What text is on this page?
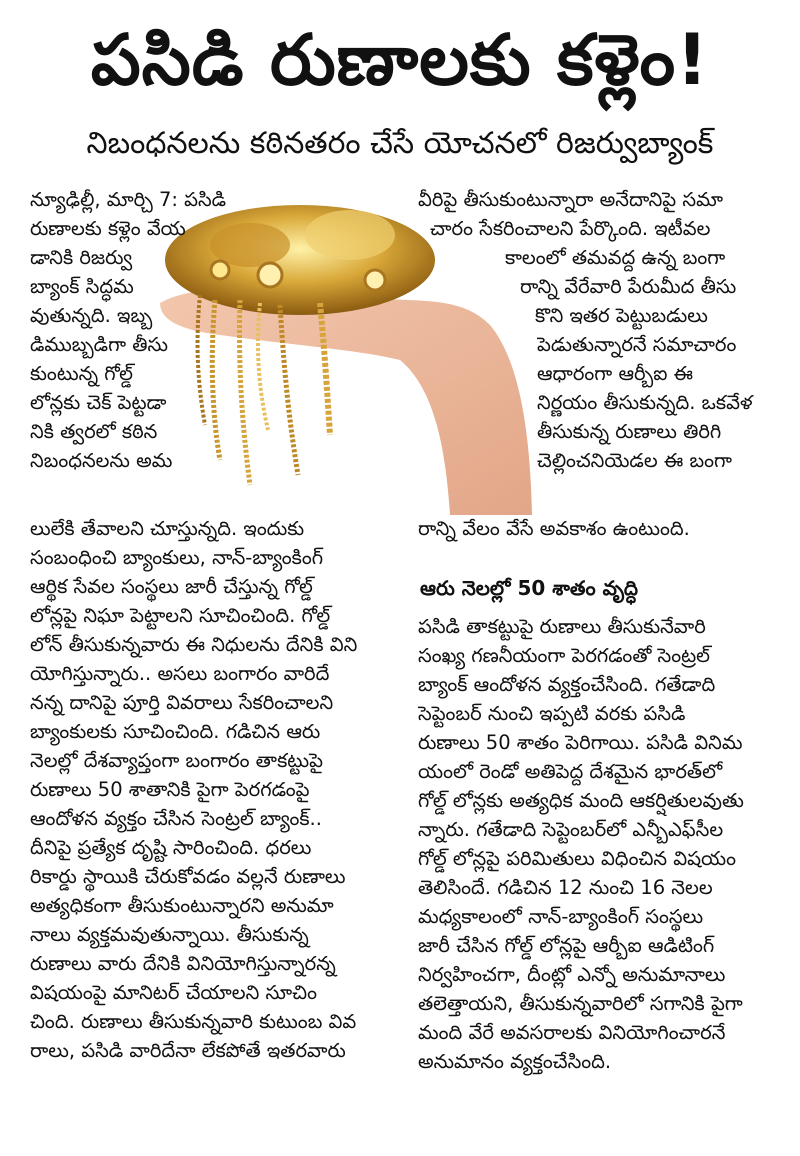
పసిడి రుణాలకు కళ్లెం!
నిబంధనలను కఠినతరం చేసే యోచనలో రిజర్వుబ్యాంక్
న్యూఢిల్లీ, మార్చి 7: పసిడి
రుణాలకు కళ్లెం వేయ
డానికి రిజర్వు
బ్యాంక్ సిద్ధమ
వుతున్నది. ఇబ్బ
డిముబ్బడిగా తీసు
కుంటున్న గోల్డ్
లోన్లకు చెక్ పెట్టడా
నికి త్వరలో కఠిన
నిబంధనలను అమ
లులేకి తేవాలని చూస్తున్నది. ఇందుకు
సంబంధించి బ్యాంకులు, నాన్-బ్యాంకింగ్
ఆర్థిక సేవల సంస్థలు జారీ చేస్తున్న గోల్డ్
లోన్లపై నిఘా పెట్టాలని సూచించింది. గోల్డ్
లోన్ తీసుకున్నవారు ఈ నిధులను దేనికి విని
యోగిస్తున్నారు.. అసలు బంగారం వారిదే
నన్న దానిపై పూర్తి వివరాలు సేకరించాలని
బ్యాంకులకు సూచించింది. గడిచిన ఆరు
నెలల్లో దేశవ్యాప్తంగా బంగారం తాకట్టుపై
రుణాలు 50 శాతానికి పైగా పెరగడంపై
ఆందోళన వ్యక్తం చేసిన సెంట్రల్ బ్యాంక్..
దీనిపై ప్రత్యేక దృష్టి సారించింది. ధరలు
రికార్డు స్థాయికి చేరుకోవడం వల్లనే రుణాలు
అత్యధికంగా తీసుకుంటున్నారని అనుమా
నాలు వ్యక్తమవుతున్నాయి. తీసుకున్న
రుణాలు వారు దేనికి వినియోగిస్తున్నారన్న
విషయంపై మానిటర్ చేయాలని సూచిం
చింది. రుణాలు తీసుకున్నవారి కుటుంబ వివ
రాలు, పసిడి వారిదేనా లేకపోతే ఇతరవారు
వీరిపై తీసుకుంటున్నారా అనేదానిపై సమా
చారం సేకరించాలని పేర్కొంది. ఇటీవల
కాలంలో తమవద్ద ఉన్న బంగా
రాన్ని వేరేవారి పేరుమీద తీసు
కొని ఇతర పెట్టుబడులు
పెడుతున్నారనే సమాచారం
ఆధారంగా ఆర్బీఐ ఈ
నిర్ణయం తీసుకున్నది. ఒకవేళ
తీసుకున్న రుణాలు తిరిగి
చెల్లించనియెడల ఈ బంగా
రాన్ని వేలం వేసే అవకాశం ఉంటుంది.
ఆరు నెలల్లో 50 శాతం వృద్ధి
పసిడి తాకట్టుపై రుణాలు తీసుకునేవారి
సంఖ్య గణనీయంగా పెరగడంతో సెంట్రల్
బ్యాంక్ ఆందోళన వ్యక్తంచేసింది. గతేడాది
సెప్టెంబర్ నుంచి ఇప్పటి వరకు పసిడి
రుణాలు 50 శాతం పెరిగాయి. పసిడి వినిమ
యంలో రెండో అతిపెద్ద దేశమైన భారత్‌లో
గోల్డ్ లోన్లకు అత్యధిక మంది ఆకర్షితులవుతు
న్నారు. గతేడాది సెప్టెంబర్‌లో ఎన్బీఎఫ్‌సీల
గోల్డ్ లోన్లపై పరిమితులు విధించిన విషయం
తెలిసిందే. గడిచిన 12 నుంచి 16 నెలల
మధ్యకాలంలో నాన్-బ్యాంకింగ్ సంస్థలు
జారీ చేసిన గోల్డ్ లోన్లపై ఆర్బీఐ ఆడిటింగ్
నిర్వహించగా, దీంట్లో ఎన్నో అనుమానాలు
తలెత్తాయని, తీసుకున్నవారిలో సగానికి పైగా
మంది వేరే అవసరాలకు వినియోగించారనే
అనుమానం వ్యక్తంచేసింది.
